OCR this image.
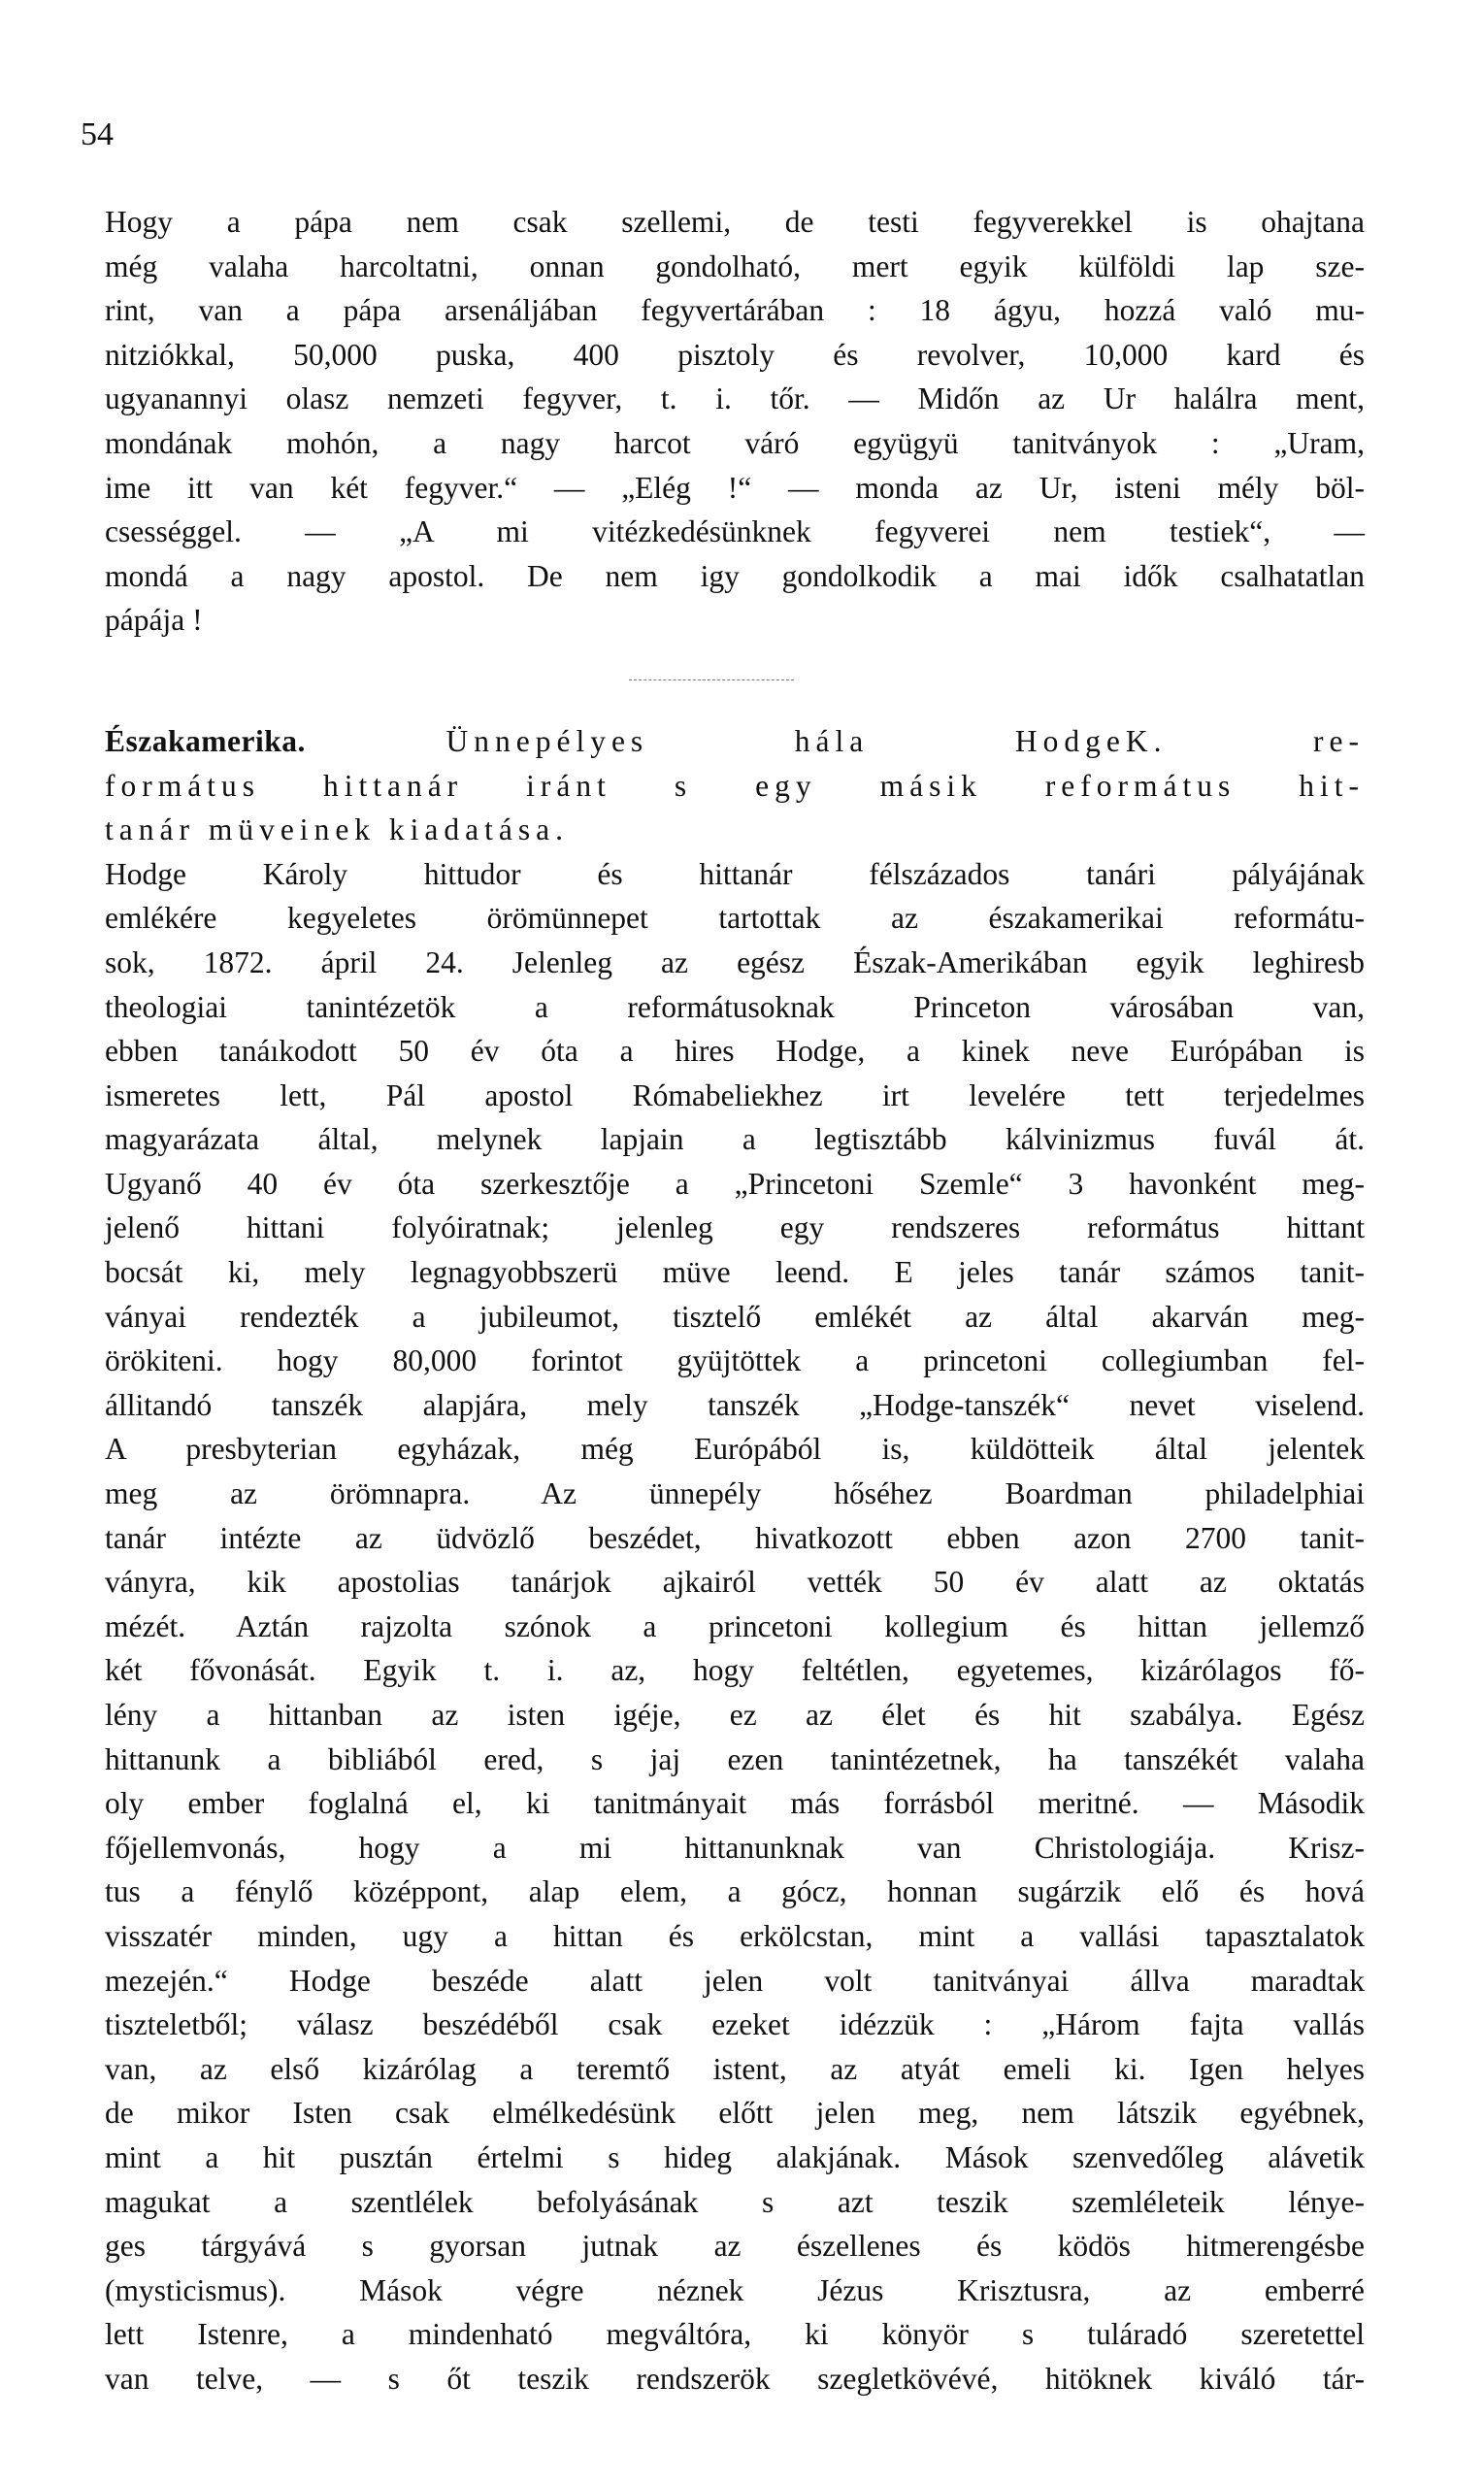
54

Hogy a pápa nem csak szellemi, de testi fegyverekkel is ohajtana
még valaha harcoltatni, onnan gondolható, mert egyik külföldi lap sze-
rint, van a pápa arsenáljában fegyvertárában : 18 ágyu, hozzá való mu-
nitziókkal, 50,000 puska, 400 pisztoly és revolver, 10,000 kard és
ugyanannyi olasz nemzeti fegyver, t. i. tőr. — Midőn az Ur halálra ment,
mondának mohón, a nagy harcot váró együgyü tanitványok : „Uram,
ime itt van két fegyver.“ — „Elég !“ — monda az Ur, isteni mély böl-
csességgel. — „A mi vitézkedésünknek fegyverei nem testiek“, —
mondá a nagy apostol. De nem igy gondolkodik a mai idők csalhatatlan
pápája !

Északamerika.	Ünnepélyes hála HodgeK. re-
formátus hittanár iránt s egy másik református hit-
tanár müveinek kiadatása.

Hodge Károly hittudor és hittanár félszázados tanári pályájának
emlékére kegyeletes örömünnepet tartottak az északamerikai reformátu-
sok, 1872. ápril 24. Jelenleg az egész Észak-Amerikában egyik leghiresb
theologiai tanintézetök a reformátusoknak Princeton városában van,
ebben tanáıkodott 50 év óta a hires Hodge, a kinek neve Európában is
ismeretes lett, Pál apostol Rómabeliekhez irt levelére tett terjedelmes
magyarázata által, melynek lapjain a legtisztább kálvinizmus fuvál át.
Ugyanő 40 év óta szerkesztője a „Princetoni Szemle“ 3 havonként meg-
jelenő hittani folyóiratnak; jelenleg egy rendszeres református hittant
bocsát ki, mely legnagyobbszerü müve leend. E jeles tanár számos tanit-
ványai rendezték a jubileumot, tisztelő emlékét az által akarván meg-
örökiteni. hogy 80,000 forintot gyüjtöttek a princetoni collegiumban fel-
állitandó tanszék alapjára, mely tanszék „Hodge-tanszék“ nevet viselend.
A presbyterian egyházak, még Európából is, küldötteik által jelentek
meg az örömnapra. Az ünnepély hőséhez Boardman philadelphiai
tanár intézte az üdvözlő beszédet, hivatkozott ebben azon 2700 tanit-
ványra, kik apostolias tanárjok ajkairól vették 50 év alatt az oktatás
mézét. Aztán rajzolta szónok a princetoni kollegium és hittan jellemző
két fővonását. Egyik t. i. az, hogy feltétlen, egyetemes, kizárólagos fő-
lény a hittanban az isten igéje, ez az élet és hit szabálya. Egész
hittanunk a bibliából ered, s jaj ezen tanintézetnek, ha tanszékét valaha
oly ember foglalná el, ki tanitmányait más forrásból meritné. — Második
főjellemvonás, hogy a mi hittanunknak van Christologiája. Krisz-
tus a fénylő középpont, alap elem, a gócz, honnan sugárzik elő és hová
visszatér minden, ugy a hittan és erkölcstan, mint a vallási tapasztalatok
mezején.“ Hodge beszéde alatt jelen volt tanitványai állva maradtak
tiszteletből; válasz beszédéből csak ezeket idézzük : „Három fajta vallás
van, az első kizárólag a teremtő istent, az atyát emeli ki. Igen helyes
de mikor Isten csak elmélkedésünk előtt jelen meg, nem látszik egyébnek,
mint a hit pusztán értelmi s hideg alakjának. Mások szenvedőleg alávetik
magukat a szentlélek befolyásának s azt teszik szemléleteik lénye-
ges tárgyává s gyorsan jutnak az észellenes és ködös hitmerengésbe
(mysticismus). Mások végre néznek Jézus Krisztusra, az emberré
lett Istenre, a mindenható megváltóra, ki könyör s tuláradó szeretettel
van telve, — s őt teszik rendszerök szegletkövévé, hitöknek kiváló tár-
